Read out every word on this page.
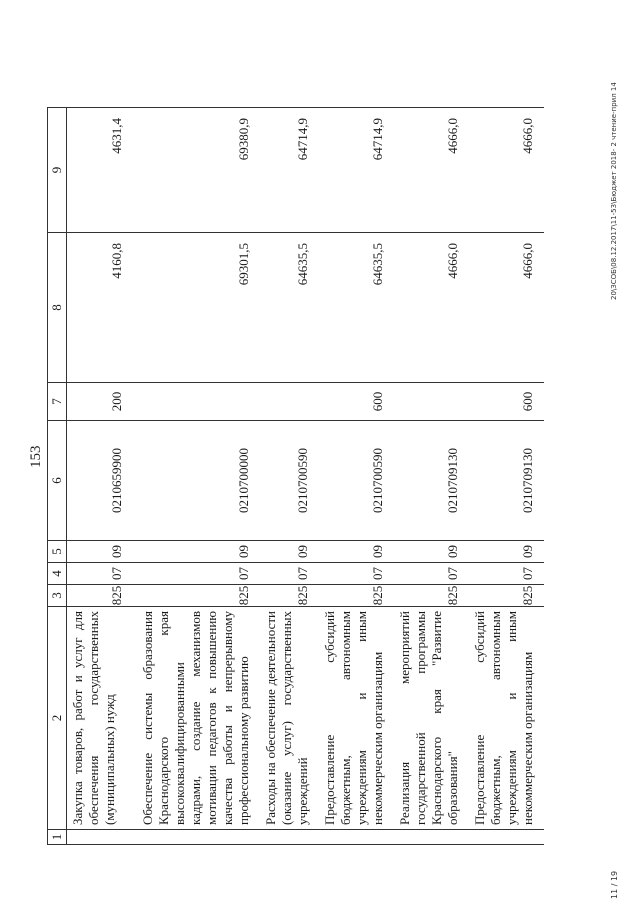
153
1	2	3	4	5	6	7	8	9
	Закупка товаров, работ и услуг для обеспечения государственных (муниципальных) нужд	825	07	09	0210659900	200	4160,8	4631,4
	Обеспечение системы образования Краснодарского края высококвалифицированными кадрами, создание механизмов мотивации педагогов к повышению качества работы и непрерывному профессиональному развитию	825	07	09	0210700000		69301,5	69380,9
	Расходы на обеспечение деятельности (оказание услуг) государственных учреждений	825	07	09	0210700590		64635,5	64714,9
	Предоставление субсидий бюджетным, автономным учреждениям и иным некоммерческим организациям	825	07	09	0210700590	600	64635,5	64714,9
	Реализация мероприятий государственной программы Краснодарского края "Развитие образования"	825	07	09	0210709130		4666,0	4666,0
	Предоставление субсидий бюджетным, автономным учреждениям и иным некоммерческим организациям	825	07	09	0210709130	600	4666,0	4666,0	20\ЗСОБ\08.12.2017\11-53\Бюджет 2018- 2 чтение-прил 14
11 / 19
